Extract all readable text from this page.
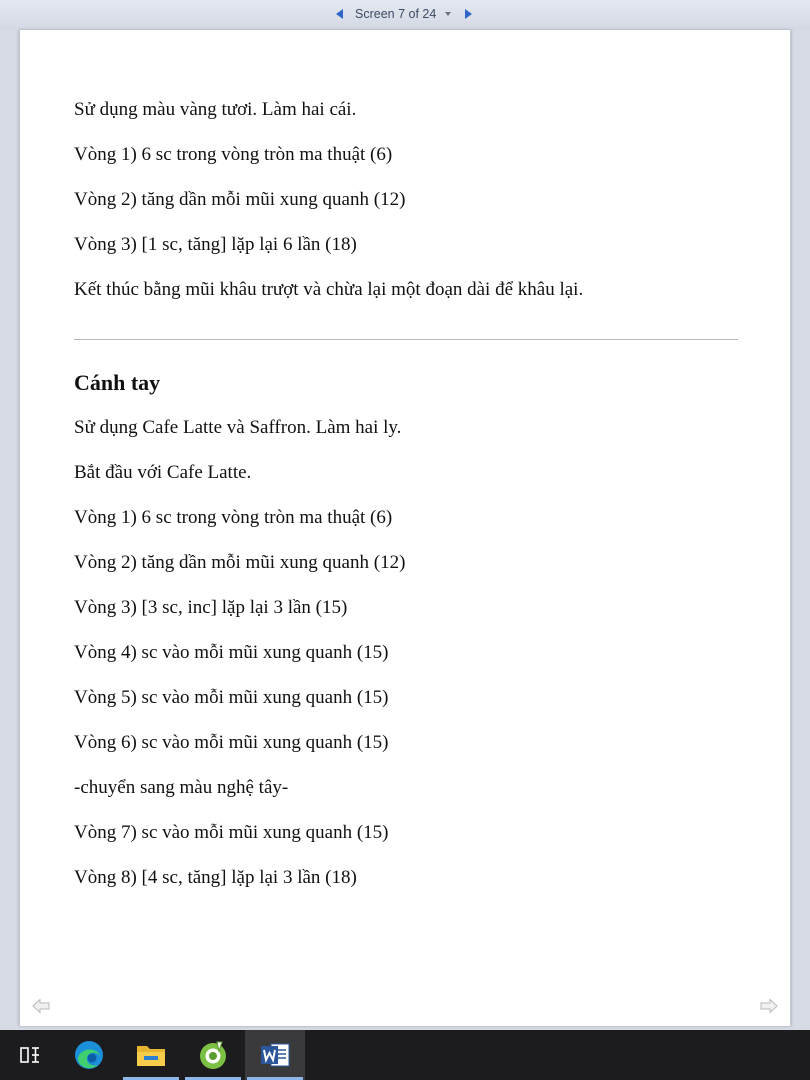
Screen 7 of 24

Sử dụng màu vàng tươi. Làm hai cái.

Vòng 1) 6 sc trong vòng tròn ma thuật (6)

Vòng 2) tăng dần mỗi mũi xung quanh (12)

Vòng 3) [1 sc, tăng] lặp lại 6 lần (18)

Kết thúc bằng mũi khâu trượt và chừa lại một đoạn dài để khâu lại.

Cánh tay

Sử dụng Cafe Latte và Saffron. Làm hai ly.

Bắt đầu với Cafe Latte.

Vòng 1) 6 sc trong vòng tròn ma thuật (6)

Vòng 2) tăng dần mỗi mũi xung quanh (12)

Vòng 3) [3 sc, inc] lặp lại 3 lần (15)

Vòng 4) sc vào mỗi mũi xung quanh (15)

Vòng 5) sc vào mỗi mũi xung quanh (15)

Vòng 6) sc vào mỗi mũi xung quanh (15)

-chuyển sang màu nghệ tây-

Vòng 7) sc vào mỗi mũi xung quanh (15)

Vòng 8) [4 sc, tăng] lặp lại 3 lần (18)
